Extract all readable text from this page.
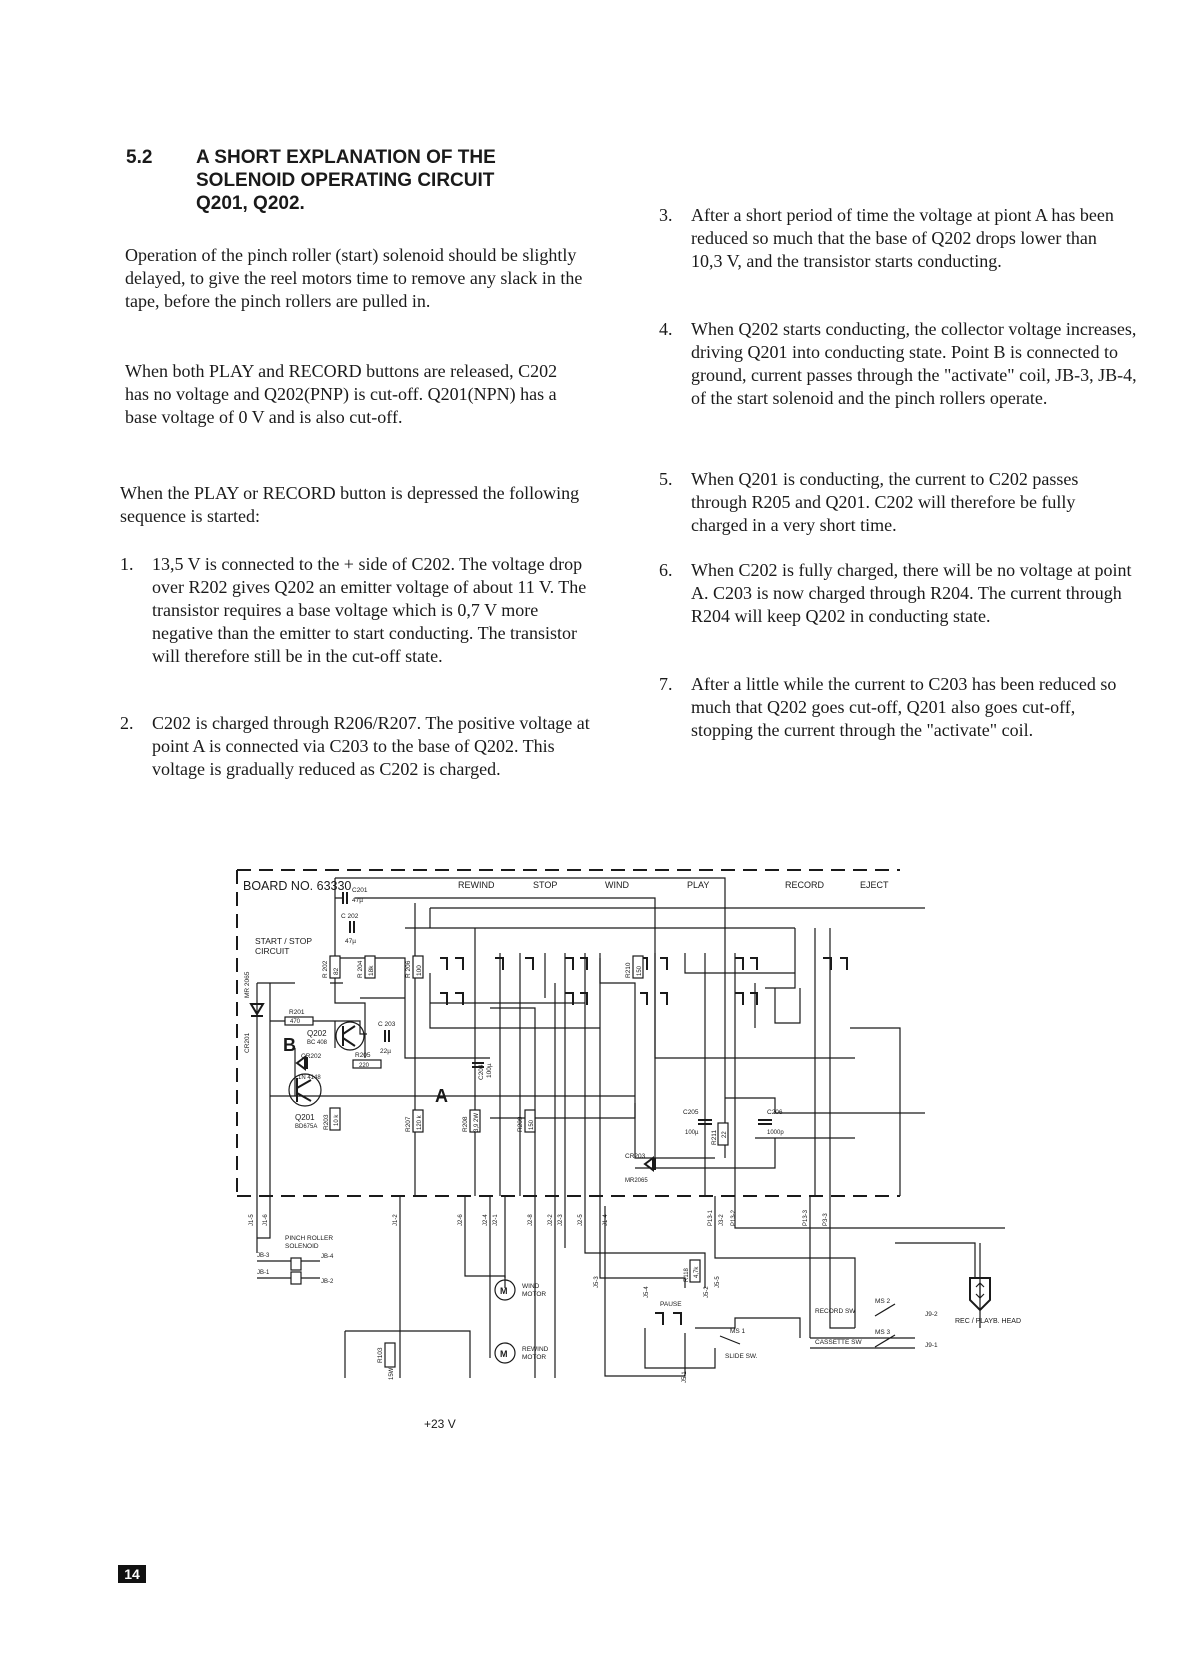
5.2 A SHORT EXPLANATION OF THE
SOLENOID OPERATING CIRCUIT
Q201, Q202.

Operation of the pinch roller (start) solenoid should be slightly delayed, to give the reel motors time to remove any slack in the tape, before the pinch rollers are pulled in.

When both PLAY and RECORD buttons are released, C202 has no voltage and Q202(PNP) is cut-off. Q201(NPN) has a base voltage of 0 V and is also cut-off.

When the PLAY or RECORD button is depressed the following sequence is started:

1. 13,5 V is connected to the + side of C202. The voltage drop over R202 gives Q202 an emitter voltage of about 11 V. The transistor requires a base voltage which is 0,7 V more negative than the emitter to start conducting. The transistor will therefore still be in the cut-off state.
2. C202 is charged through R206/R207. The positive voltage at point A is connected via C203 to the base of Q202. This voltage is gradually reduced as C202 is charged.
3. After a short period of time the voltage at piont A has been reduced so much that the base of Q202 drops lower than 10,3 V, and the transistor starts conducting.
4. When Q202 starts conducting, the collector voltage increases, driving Q201 into conducting state. Point B is connected to ground, current passes through the "activate" coil, JB-3, JB-4, of the start solenoid and the pinch rollers operate.
5. When Q201 is conducting, the current to C202 passes through R205 and Q201. C202 will therefore be fully charged in a very short time.
6. When C202 is fully charged, there will be no voltage at point A. C203 is now charged through R204. The current through R204 will keep Q202 in conducting state.
7. After a little while the current to C203 has been reduced so much that Q202 goes cut-off, Q201 also goes cut-off, stopping the current through the "activate" coil.
BOARD NO. 63330	REWIND	STOP	WIND	PLAY	RECORD	EJECT
START / STOP
CIRCUIT
C201
47µ
C 202
47µ
R 202 82	R 204 18k	R 206 100
R201
470
Q202
BC 408
B
C 203
22µ
CR202
1N 4148
R205
220
A
C204 100µ
Q201
BD675A R203 10 k
CR201
MR 2065
R207 120 k	R208 3,9 2W	R209 150
R210 150
C205
100µ R211 22
C206
1000p
CR203
MR2065
J1-5 J1-6	J1-2	J2-6	J2-4 J2-1	J2-8 J2-2 J2-3 J2-5	J1-4	P13-1 J3-2 P13-2	P13-3 P3-3
PINCH ROLLER
SOLENOID
JB-3	JB-4
JB-1
JB-2
M WIND
MOTOR
M REWIND
MOTOR
R103
15W
PAUSE
J5-3
J5-4
R118 4,7k
J5-2
J5-5
MS 1
SLIDE SW.
J5-1
MS 2
RECORD SW	J9-2
MS 3
CASSETTE SW	J9-1
REC / PLAYB. HEAD
+23 V
14
